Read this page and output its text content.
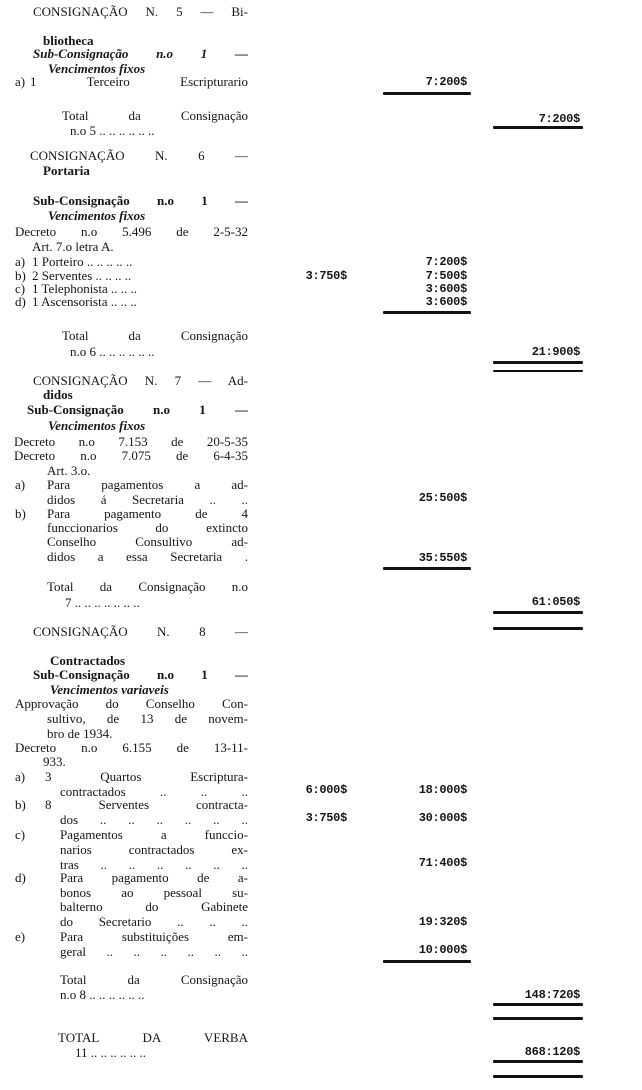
CONSIGNAÇÃO N. 5 — Bi-
bliotheca
Sub-Consignação n.o 1 —
Vencimentos fixos
a) 1 Terceiro Escripturario	7:200$
Total da Consignação
n.o 5 .. .. .. .. .. ..
7:200$
CONSIGNAÇÃO N. 6 —
Portaria
Sub-Consignação n.o 1 —
Vencimentos fixos
Decreto n.o 5.496 de 2-5-32
Art. 7.o letra A.
a) 1 Porteiro .. .. .. .. ..	7:200$
b) 2 Serventes .. .. .. ..	3:750$	7:500$
c) 1 Telephonista .. .. ..	3:600$
d) 1 Ascensorista .. .. ..	3:600$
Total da Consignação
n.o 6 .. .. .. .. .. ..	21:900$
CONSIGNAÇÃO N. 7 — Ad-
didos
Sub-Consignação n.o 1 —
Vencimentos fixos
Decreto n.o 7.153 de 20-5-35
Decreto n.o 7.075 de 6-4-35
Art. 3.o.
a) Para pagamentos a ad-
didos á Secretaria .. ..	25:500$
b) Para pagamento de 4
funccionarios do extincto
Conselho Consultivo ad-
didos a essa Secretaria .	35:550$
Total da Consignação n.o
7 .. .. .. .. .. .. ..	61:050$
CONSIGNAÇÃO N. 8 —
Contractados
Sub-Consignação n.o 1 —
Vencimentos variaveis
Approvação do Conselho Con-
sultivo, de 13 de novem-
bro de 1934.
Decreto n.o 6.155 de 13-11-
933.
a) 3 Quartos Escriptura-
contractados .. .. ..	6:000$	18:000$
b) 8 Serventes contracta-
dos .. .. .. .. .. ..	3:750$	30:000$
c)	Pagamentos a funccio-
narios contractados ex-
tras .. .. .. .. .. ..	71:400$
d)	Para pagamento de a-
bonos ao pessoal su-
balterno do Gabinete
do Secretario .. .. ..	19:320$
e)	Para substituições em-
geral .. .. .. .. .. ..	10:000$
Total da Consignação
n.o 8 .. .. .. .. .. ..	148:720$
TOTAL DA VERBA
11 .. .. .. .. .. ..	868:120$
